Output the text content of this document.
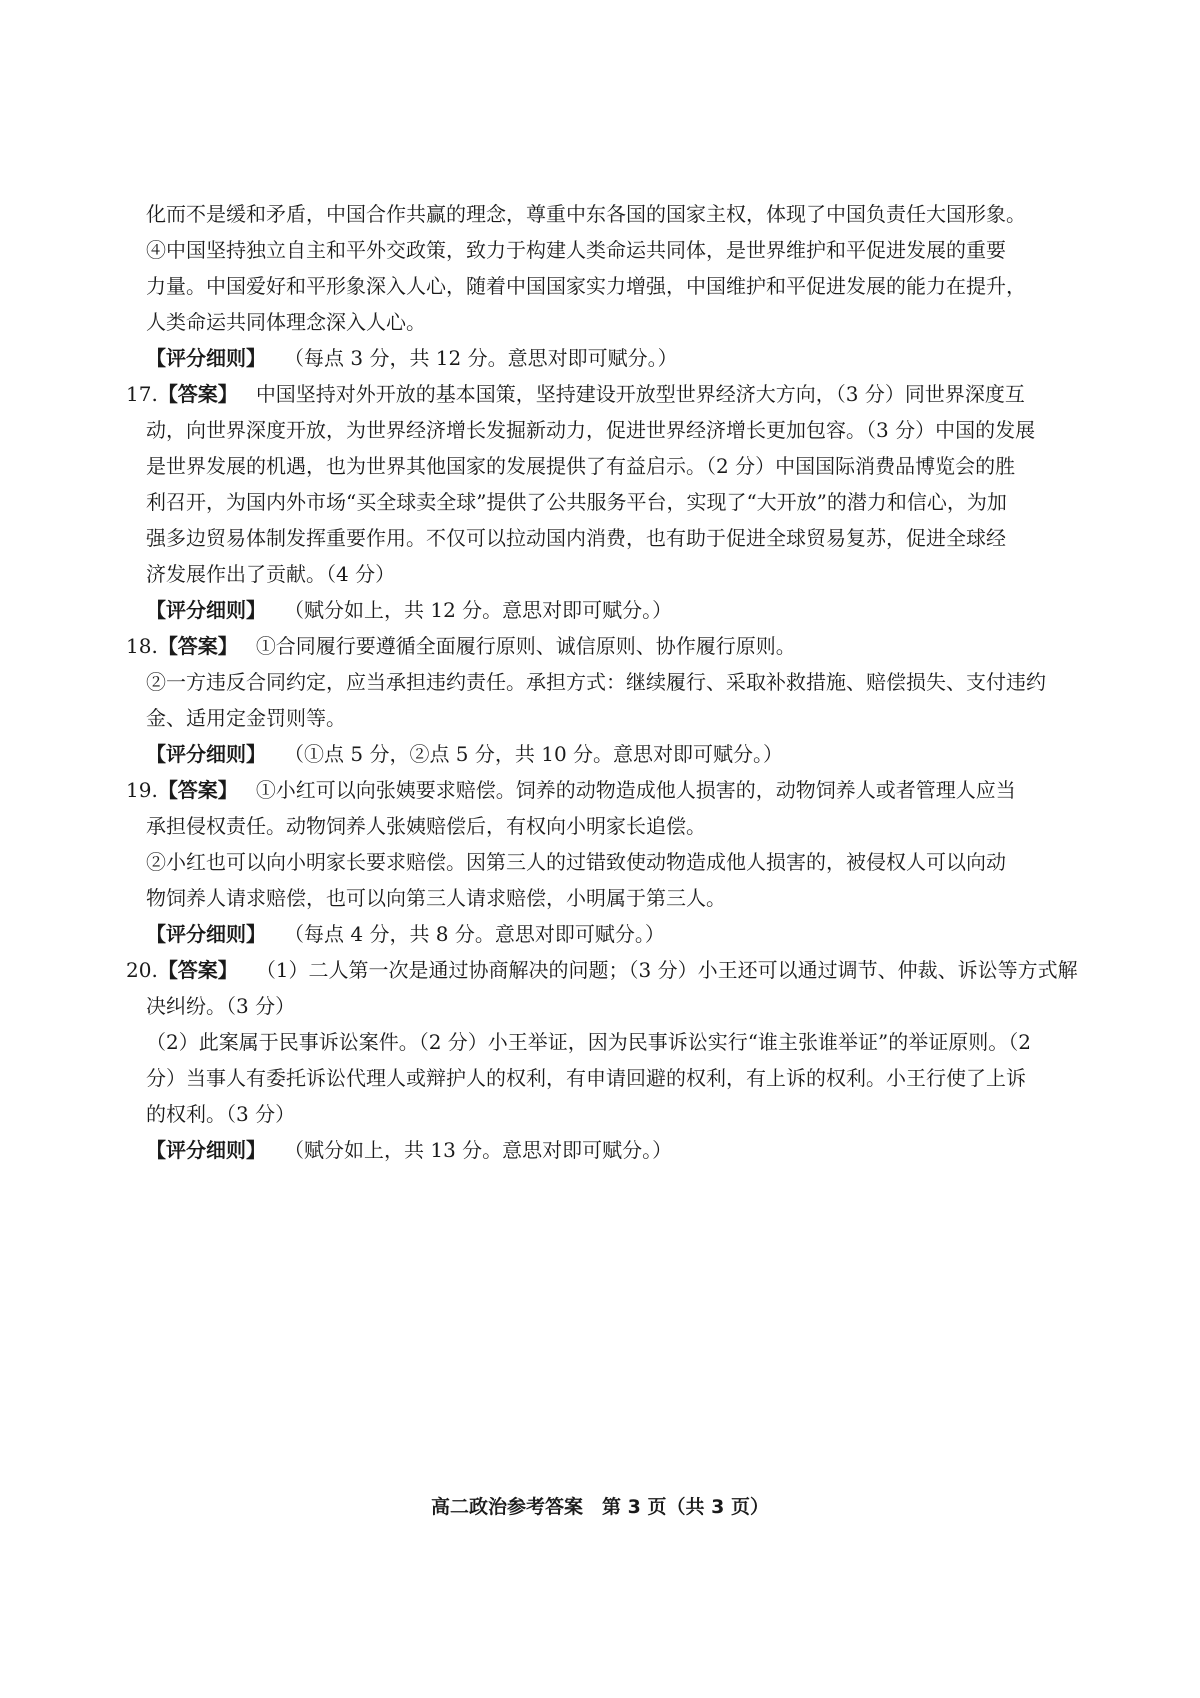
化而不是缓和矛盾，中国合作共赢的理念，尊重中东各国的国家主权，体现了中国负责任大国形象。
④中国坚持独立自主和平外交政策，致力于构建人类命运共同体，是世界维护和平促进发展的重要
力量。中国爱好和平形象深入人心，随着中国国家实力增强，中国维护和平促进发展的能力在提升，
人类命运共同体理念深入人心。
【评分细则】 （每点 3 分，共 12 分。意思对即可赋分。）
17.【答案】 中国坚持对外开放的基本国策，坚持建设开放型世界经济大方向，（3 分）同世界深度互
动，向世界深度开放，为世界经济增长发掘新动力，促进世界经济增长更加包容。（3 分）中国的发展
是世界发展的机遇，也为世界其他国家的发展提供了有益启示。（2 分）中国国际消费品博览会的胜
利召开，为国内外市场“买全球卖全球”提供了公共服务平台，实现了“大开放”的潜力和信心，为加
强多边贸易体制发挥重要作用。不仅可以拉动国内消费，也有助于促进全球贸易复苏，促进全球经
济发展作出了贡献。（4 分）
【评分细则】 （赋分如上，共 12 分。意思对即可赋分。）
18.【答案】 ①合同履行要遵循全面履行原则、诚信原则、协作履行原则。
②一方违反合同约定，应当承担违约责任。承担方式：继续履行、采取补救措施、赔偿损失、支付违约
金、适用定金罚则等。
【评分细则】 （①点 5 分，②点 5 分，共 10 分。意思对即可赋分。）
19.【答案】 ①小红可以向张姨要求赔偿。饲养的动物造成他人损害的，动物饲养人或者管理人应当
承担侵权责任。动物饲养人张姨赔偿后，有权向小明家长追偿。
②小红也可以向小明家长要求赔偿。因第三人的过错致使动物造成他人损害的，被侵权人可以向动
物饲养人请求赔偿，也可以向第三人请求赔偿，小明属于第三人。
【评分细则】 （每点 4 分，共 8 分。意思对即可赋分。）
20.【答案】 （1）二人第一次是通过协商解决的问题；（3 分）小王还可以通过调节、仲裁、诉讼等方式解
决纠纷。（3 分）
（2）此案属于民事诉讼案件。（2 分）小王举证，因为民事诉讼实行“谁主张谁举证”的举证原则。（2
分）当事人有委托诉讼代理人或辩护人的权利，有申请回避的权利，有上诉的权利。小王行使了上诉
的权利。（3 分）
【评分细则】 （赋分如上，共 13 分。意思对即可赋分。）
高二政治参考答案　第 3 页（共 3 页）
